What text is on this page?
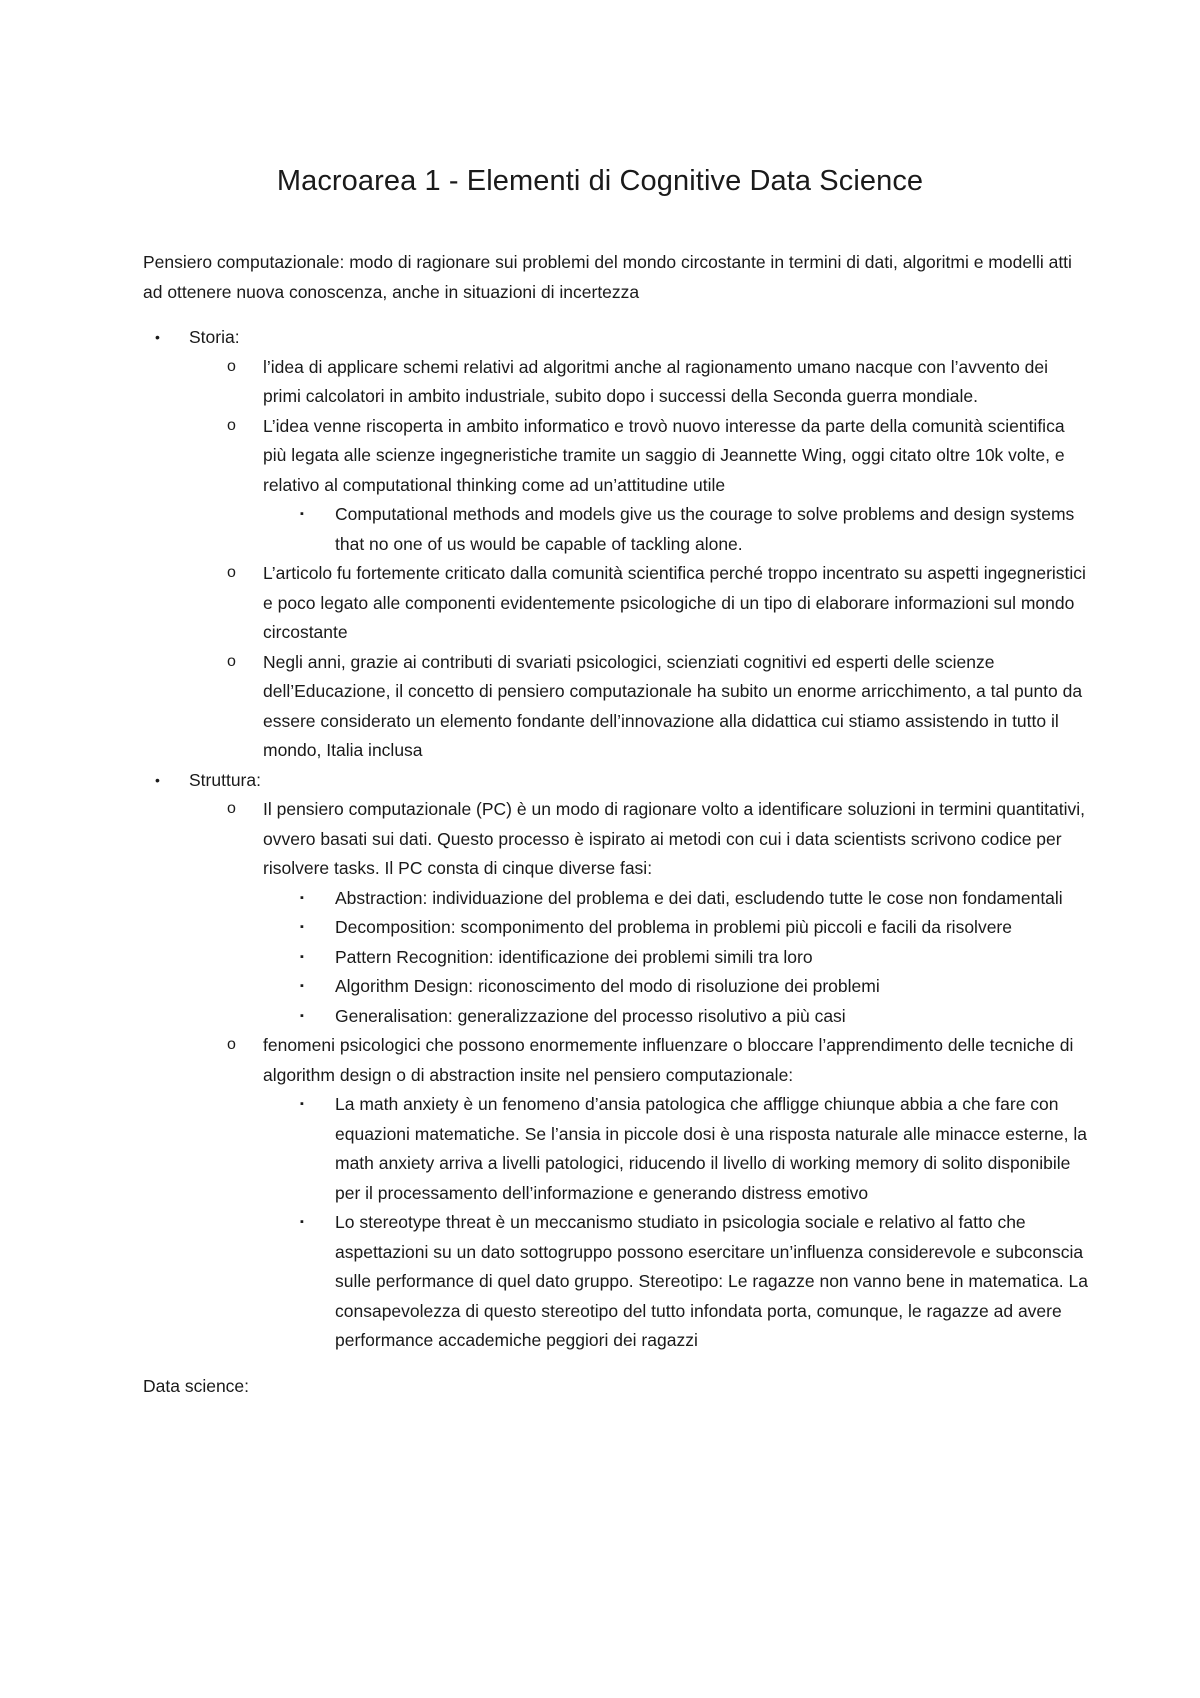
Macroarea 1 - Elementi di Cognitive Data Science

Pensiero computazionale: modo di ragionare sui problemi del mondo circostante in termini di dati, algoritmi e modelli atti ad ottenere nuova conoscenza, anche in situazioni di incertezza

• Storia:
o l’idea di applicare schemi relativi ad algoritmi anche al ragionamento umano nacque con l’avvento dei primi calcolatori in ambito industriale, subito dopo i successi della Seconda guerra mondiale.
o L’idea venne riscoperta in ambito informatico e trovò nuovo interesse da parte della comunità scientifica più legata alle scienze ingegneristiche tramite un saggio di Jeannette Wing, oggi citato oltre 10k volte, e relativo al computational thinking come ad un’attitudine utile
▪ Computational methods and models give us the courage to solve problems and design systems that no one of us would be capable of tackling alone.
o L’articolo fu fortemente criticato dalla comunità scientifica perché troppo incentrato su aspetti ingegneristici e poco legato alle componenti evidentemente psicologiche di un tipo di elaborare informazioni sul mondo circostante
o Negli anni, grazie ai contributi di svariati psicologici, scienziati cognitivi ed esperti delle scienze dell’Educazione, il concetto di pensiero computazionale ha subito un enorme arricchimento, a tal punto da essere considerato un elemento fondante dell’innovazione alla didattica cui stiamo assistendo in tutto il mondo, Italia inclusa
• Struttura:
o Il pensiero computazionale (PC) è un modo di ragionare volto a identificare soluzioni in termini quantitativi, ovvero basati sui dati. Questo processo è ispirato ai metodi con cui i data scientists scrivono codice per risolvere tasks. Il PC consta di cinque diverse fasi:
▪ Abstraction: individuazione del problema e dei dati, escludendo tutte le cose non fondamentali
▪ Decomposition: scomponimento del problema in problemi più piccoli e facili da risolvere
▪ Pattern Recognition: identificazione dei problemi simili tra loro
▪ Algorithm Design: riconoscimento del modo di risoluzione dei problemi
▪ Generalisation: generalizzazione del processo risolutivo a più casi
o fenomeni psicologici che possono enormemente influenzare o bloccare l’apprendimento delle tecniche di algorithm design o di abstraction insite nel pensiero computazionale:
▪ La math anxiety è un fenomeno d’ansia patologica che affligge chiunque abbia a che fare con equazioni matematiche. Se l’ansia in piccole dosi è una risposta naturale alle minacce esterne, la math anxiety arriva a livelli patologici, riducendo il livello di working memory di solito disponibile per il processamento dell’informazione e generando distress emotivo
▪ Lo stereotype threat è un meccanismo studiato in psicologia sociale e relativo al fatto che aspettazioni su un dato sottogruppo possono esercitare un’influenza considerevole e subconscia sulle performance di quel dato gruppo. Stereotipo: Le ragazze non vanno bene in matematica. La consapevolezza di questo stereotipo del tutto infondata porta, comunque, le ragazze ad avere performance accademiche peggiori dei ragazzi

Data science:
